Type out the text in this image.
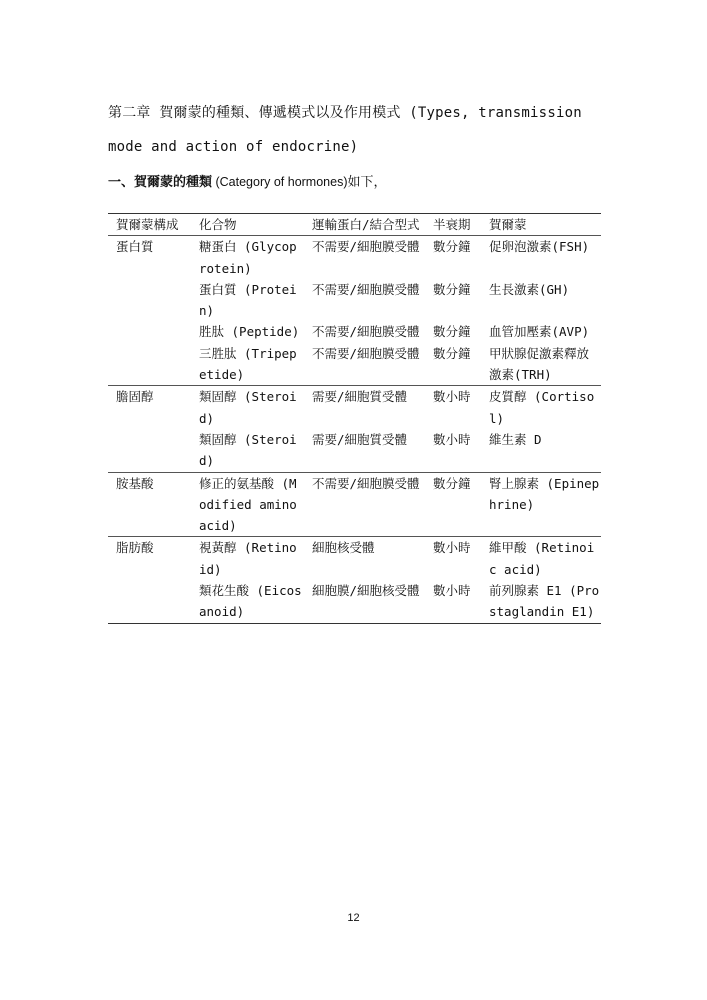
第二章 賀爾蒙的種類、傳遞模式以及作用模式 (Types, transmission mode and action of endocrine)
一、賀爾蒙的種類 (Category of hormones)如下，
賀爾蒙構成	化合物	運輸蛋白/結合型式	半衰期	賀爾蒙

蛋白質	糖蛋白 (Glycoprotein)	不需要/細胞膜受體	數分鐘	促卵泡激素(FSH)

	蛋白質 (Protein)	不需要/細胞膜受體	數分鐘	生長激素(GH)

	胜肽 (Peptide)	不需要/細胞膜受體	數分鐘	血管加壓素(AVP)

	三胜肽 (Tripepetide)	不需要/細胞膜受體	數分鐘	甲狀腺促激素釋放激素(TRH)

膽固醇	類固醇 (Steroid)	需要/細胞質受體	數小時	皮質醇 (Cortisol)

	類固醇 (Steroid)	需要/細胞質受體	數小時	維生素 D

胺基酸	修正的氨基酸 (Modified amino acid)	不需要/細胞膜受體	數分鐘	腎上腺素 (Epinephrine)

脂肪酸	視黃醇 (Retinoid)	細胞核受體	數小時	維甲酸 (Retinoic acid)

	類花生酸 (Eicosanoid)	細胞膜/細胞核受體	數小時	前列腺素 E1 (Prostaglandin E1)
12
